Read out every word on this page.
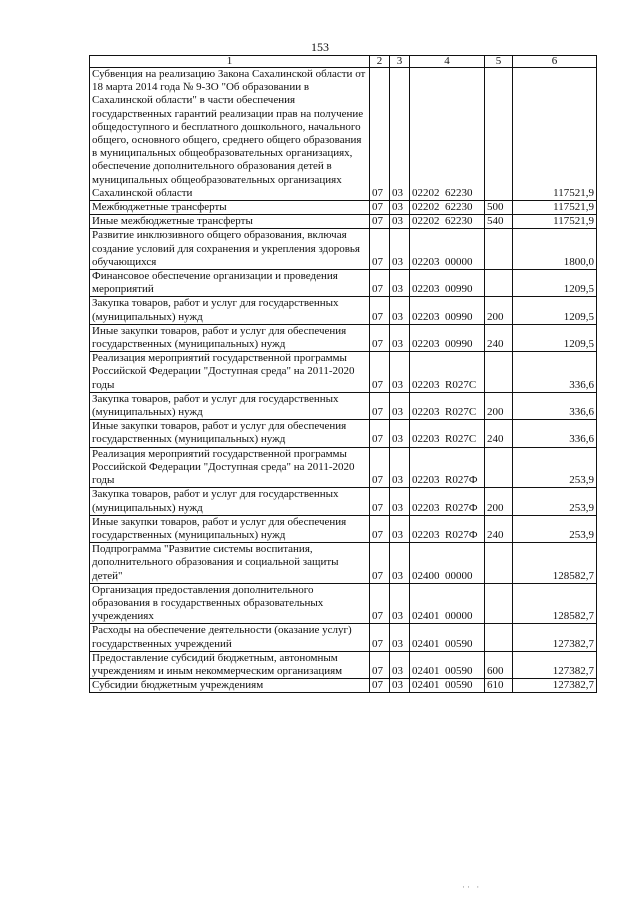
153
1	2	3	4	5	6
Субвенция на реализацию Закона Сахалинской области от 18 марта 2014 года № 9-ЗО "Об образовании в Сахалинской области" в части обеспечения государственных гарантий реализации прав на получение общедоступного и бесплатного дошкольного, начального общего, основного общего, среднего общего образования в муниципальных общеобразовательных организациях, обеспечение дополнительного образования детей в муниципальных общеобразовательных организациях Сахалинской области	07	03	02202  62230		117521,9
Межбюджетные трансферты	07	03	02202  62230	500	117521,9
Иные межбюджетные трансферты	07	03	02202  62230	540	117521,9
Развитие инклюзивного общего образования, включая создание условий для сохранения и укрепления здоровья обучающихся	07	03	02203  00000		1800,0
Финансовое обеспечение организации и проведения мероприятий	07	03	02203  00990		1209,5
Закупка товаров, работ и услуг для государственных (муниципальных) нужд	07	03	02203  00990	200	1209,5
Иные закупки товаров, работ и услуг для обеспечения государственных (муниципальных) нужд	07	03	02203  00990	240	1209,5
Реализация мероприятий государственной программы Российской Федерации "Доступная среда" на 2011-2020 годы	07	03	02203  R027C		336,6
Закупка товаров, работ и услуг для государственных (муниципальных) нужд	07	03	02203  R027C	200	336,6
Иные закупки товаров, работ и услуг для обеспечения государственных (муниципальных) нужд	07	03	02203  R027C	240	336,6
Реализация мероприятий государственной программы Российской Федерации "Доступная среда" на 2011-2020 годы	07	03	02203  R027Ф		253,9
Закупка товаров, работ и услуг для государственных (муниципальных) нужд	07	03	02203  R027Ф	200	253,9
Иные закупки товаров, работ и услуг для обеспечения государственных (муниципальных) нужд	07	03	02203  R027Ф	240	253,9
Подпрограмма "Развитие системы воспитания, дополнительного образования и социальной защиты детей"	07	03	02400  00000		128582,7
Организация предоставления дополнительного образования в государственных образовательных учреждениях	07	03	02401  00000		128582,7
Расходы на обеспечение деятельности (оказание услуг) государственных учреждений	07	03	02401  00590		127382,7
Предоставление субсидий бюджетным, автономным учреждениям и иным некоммерческим организациям	07	03	02401  00590	600	127382,7
Субсидии бюджетным учреждениям	07	03	02401  00590	610	127382,7
·· ·
